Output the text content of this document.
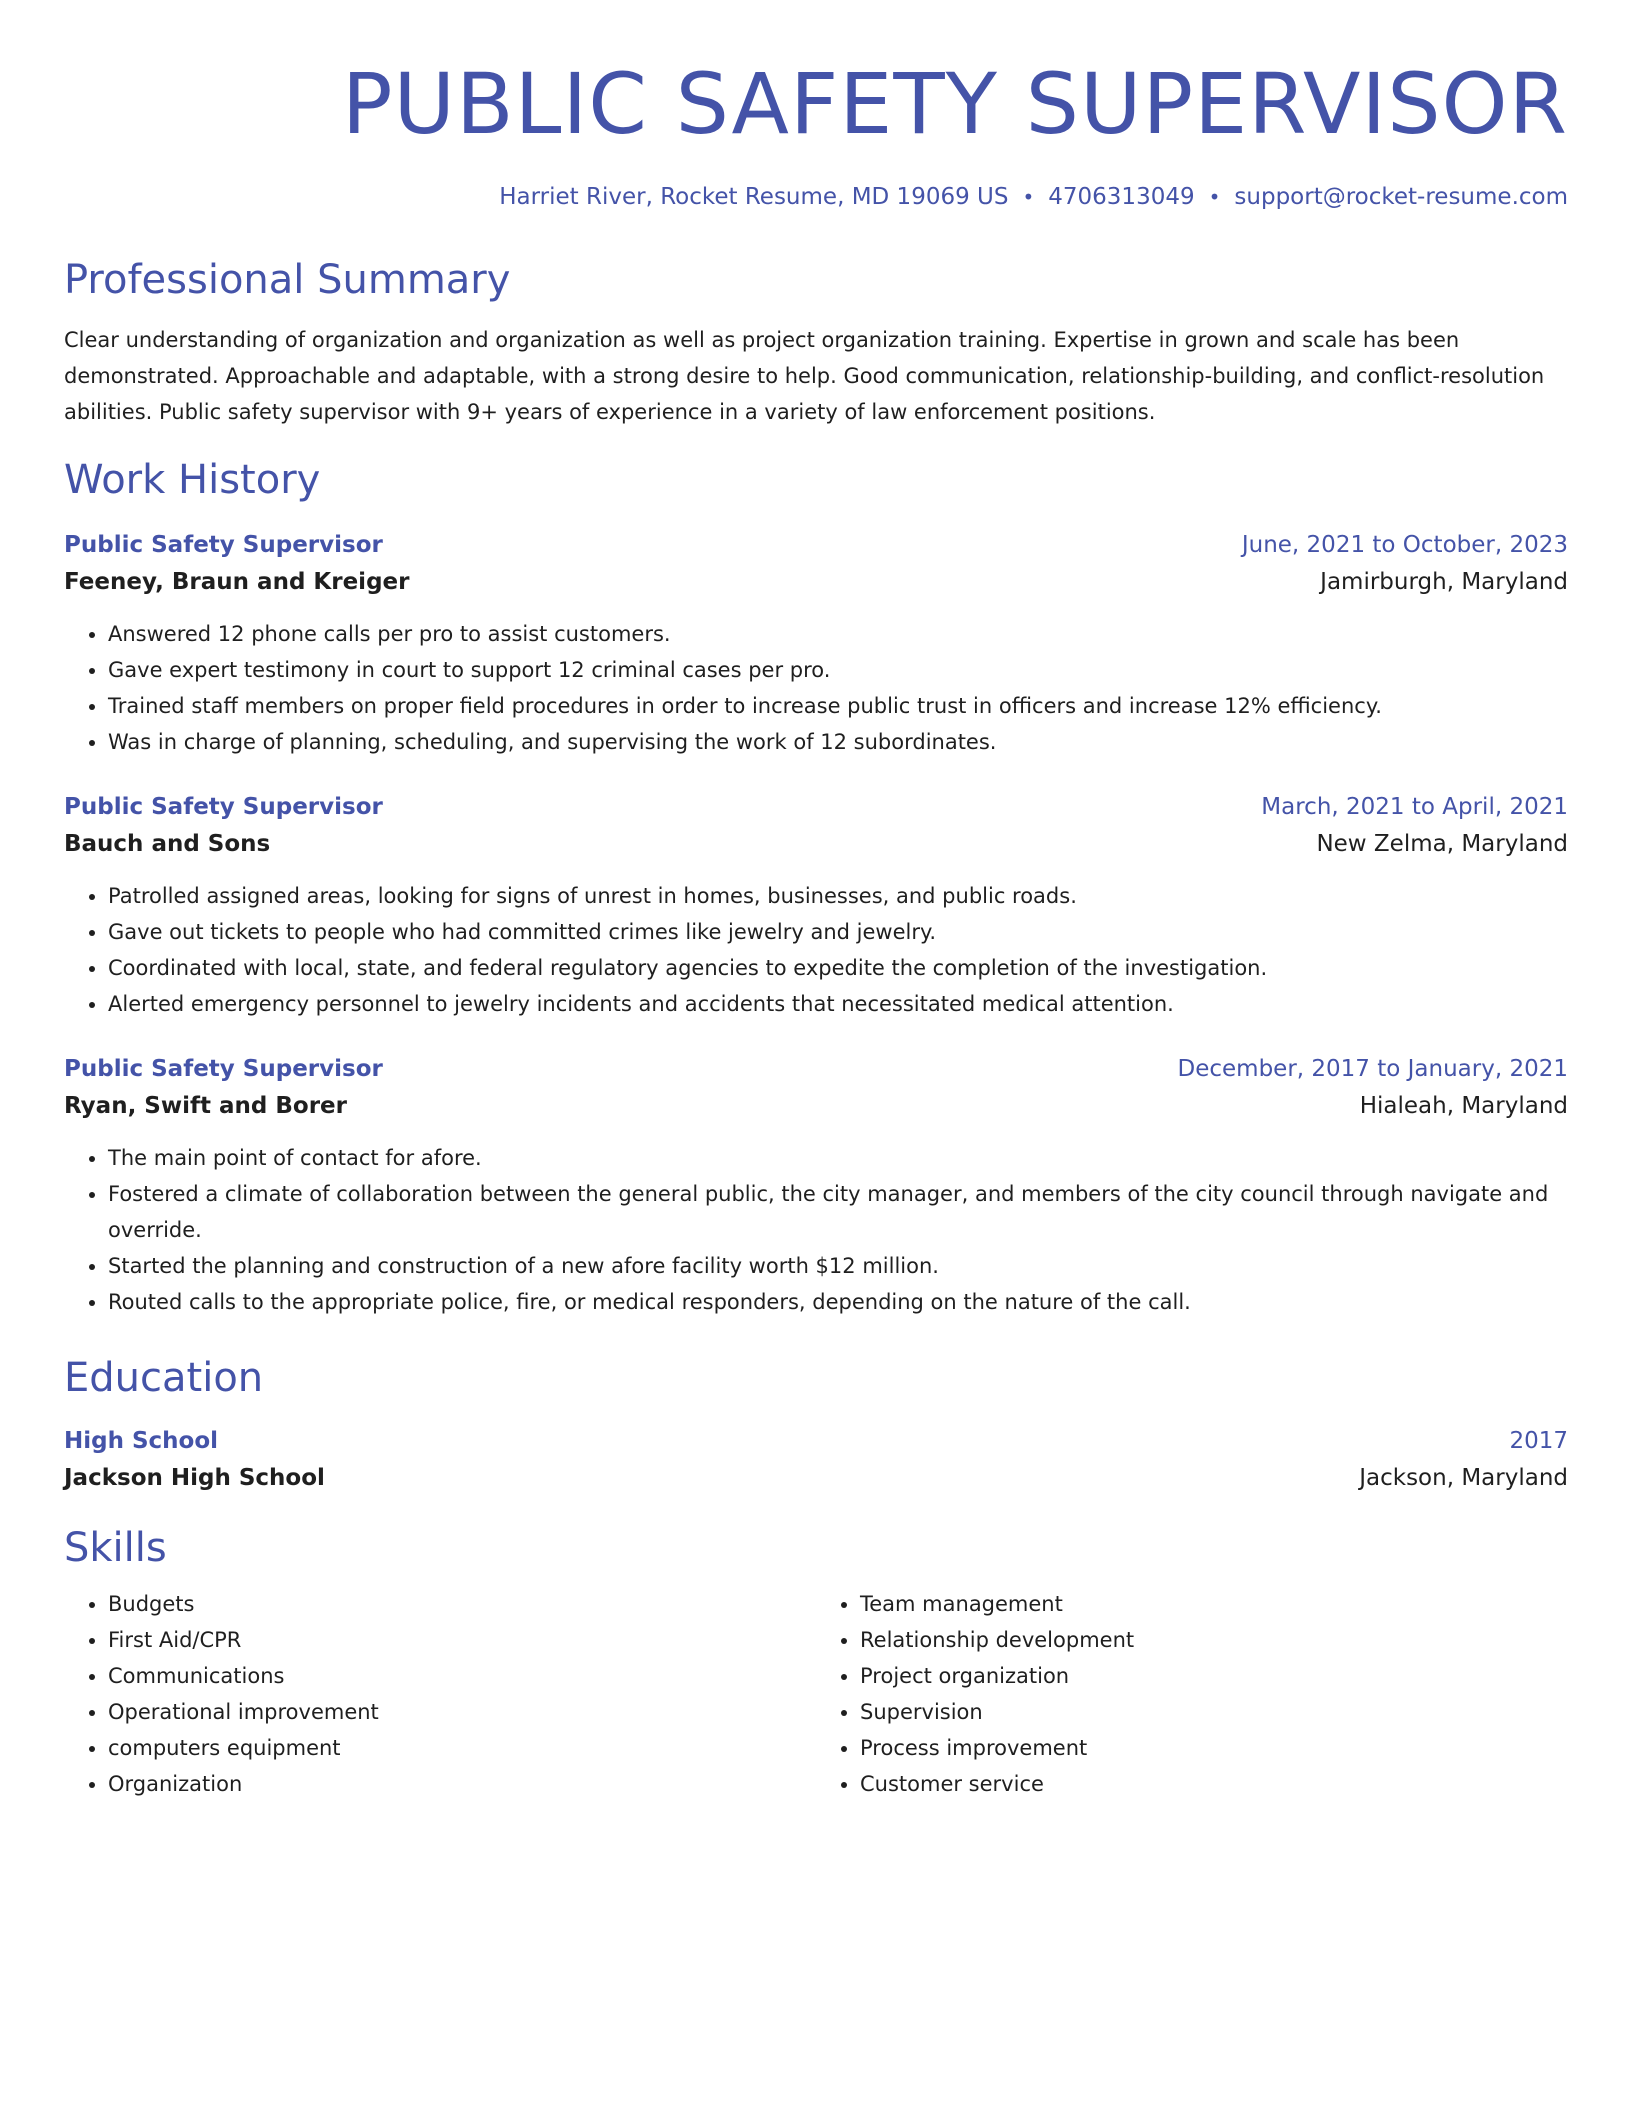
PUBLIC SAFETY SUPERVISOR
Harriet River, Rocket Resume, MD 19069 US • 4706313049 • support@rocket-resume.com
Professional Summary

Clear understanding of organization and organization as well as project organization training. Expertise in grown and scale has been demonstrated. Approachable and adaptable, with a strong desire to help. Good communication, relationship-building, and conflict-resolution abilities. Public safety supervisor with 9+ years of experience in a variety of law enforcement positions.

Work History
Public Safety Supervisor	June, 2021 to October, 2023
Feeney, Braun and Kreiger	Jamirburgh, Maryland
• Answered 12 phone calls per pro to assist customers.
• Gave expert testimony in court to support 12 criminal cases per pro.
• Trained staff members on proper field procedures in order to increase public trust in officers and increase 12% efficiency.
• Was in charge of planning, scheduling, and supervising the work of 12 subordinates.
Public Safety Supervisor	March, 2021 to April, 2021
Bauch and Sons	New Zelma, Maryland
• Patrolled assigned areas, looking for signs of unrest in homes, businesses, and public roads.
• Gave out tickets to people who had committed crimes like jewelry and jewelry.
• Coordinated with local, state, and federal regulatory agencies to expedite the completion of the investigation.
• Alerted emergency personnel to jewelry incidents and accidents that necessitated medical attention.
Public Safety Supervisor	December, 2017 to January, 2021
Ryan, Swift and Borer	Hialeah, Maryland
• The main point of contact for afore.
• Fostered a climate of collaboration between the general public, the city manager, and members of the city council through navigate and override.
• Started the planning and construction of a new afore facility worth $12 million.
• Routed calls to the appropriate police, fire, or medical responders, depending on the nature of the call.
Education
High School	2017
Jackson High School	Jackson, Maryland
Skills
• Budgets
• First Aid/CPR
• Communications
• Operational improvement
• computers equipment
• Organization
• Team management
• Relationship development
• Project organization
• Supervision
• Process improvement
• Customer service
